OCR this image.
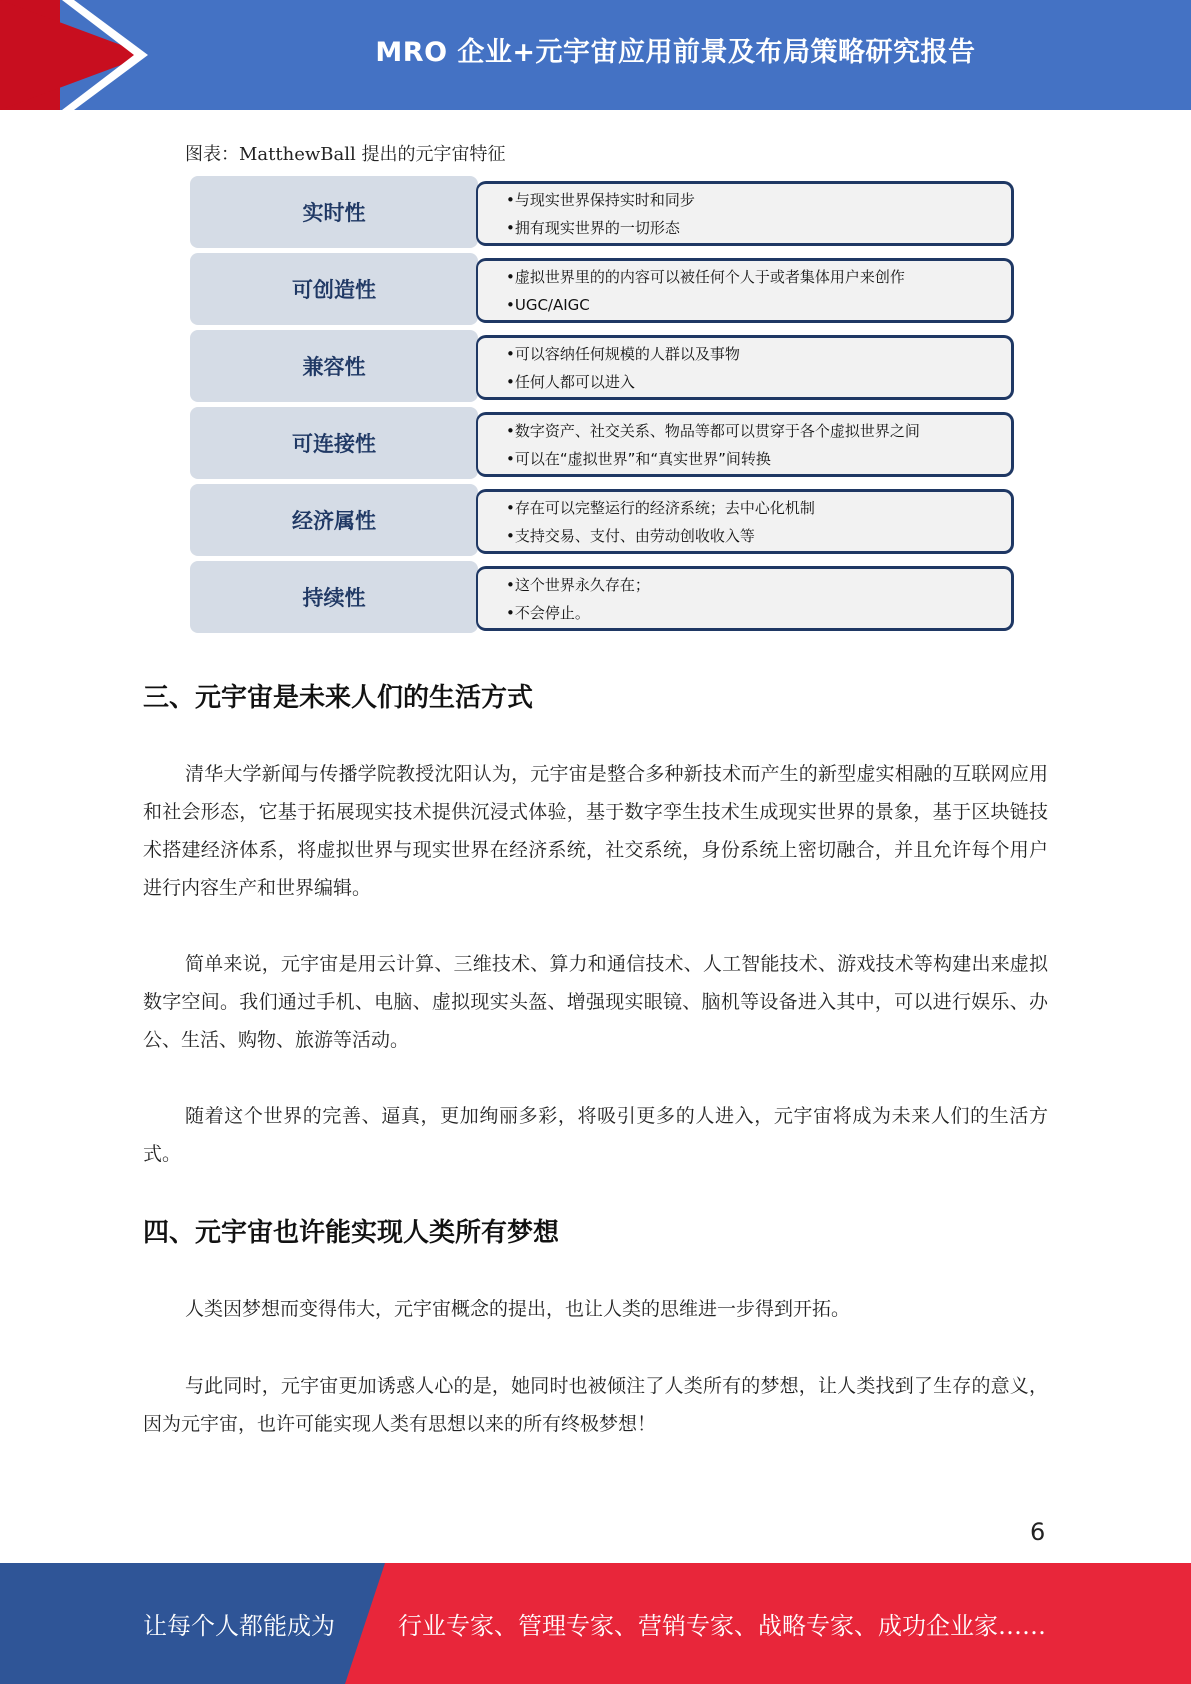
MRO 企业+元宇宙应用前景及布局策略研究报告
图表：MatthewBall 提出的元宇宙特征
实时性
•与现实世界保持实时和同步
•拥有现实世界的一切形态
可创造性
•虚拟世界里的的内容可以被任何个人于或者集体用户来创作
•UGC/AIGC
兼容性
•可以容纳任何规模的人群以及事物
•任何人都可以进入
可连接性
•数字资产、社交关系、物品等都可以贯穿于各个虚拟世界之间
•可以在“虚拟世界”和“真实世界”间转换
经济属性
•存在可以完整运行的经济系统；去中心化机制
•支持交易、支付、由劳动创收收入等
持续性
•这个世界永久存在；
•不会停止。
三、元宇宙是未来人们的生活方式

清华大学新闻与传播学院教授沈阳认为，元宇宙是整合多种新技术而产生的新型虚实相融的互联网应用和社会形态，它基于拓展现实技术提供沉浸式体验，基于数字孪生技术生成现实世界的景象，基于区块链技术搭建经济体系，将虚拟世界与现实世界在经济系统，社交系统，身份系统上密切融合，并且允许每个用户进行内容生产和世界编辑。

简单来说，元宇宙是用云计算、三维技术、算力和通信技术、人工智能技术、游戏技术等构建出来虚拟数字空间。我们通过手机、电脑、虚拟现实头盔、增强现实眼镜、脑机等设备进入其中，可以进行娱乐、办公、生活、购物、旅游等活动。

随着这个世界的完善、逼真，更加绚丽多彩，将吸引更多的人进入，元宇宙将成为未来人们的生活方式。

四、元宇宙也许能实现人类所有梦想

人类因梦想而变得伟大，元宇宙概念的提出，也让人类的思维进一步得到开拓。

与此同时，元宇宙更加诱惑人心的是，她同时也被倾注了人类所有的梦想，让人类找到了生存的意义，因为元宇宙，也许可能实现人类有思想以来的所有终极梦想！

6
让每个人都能成为	行业专家、管理专家、营销专家、战略专家、成功企业家……
